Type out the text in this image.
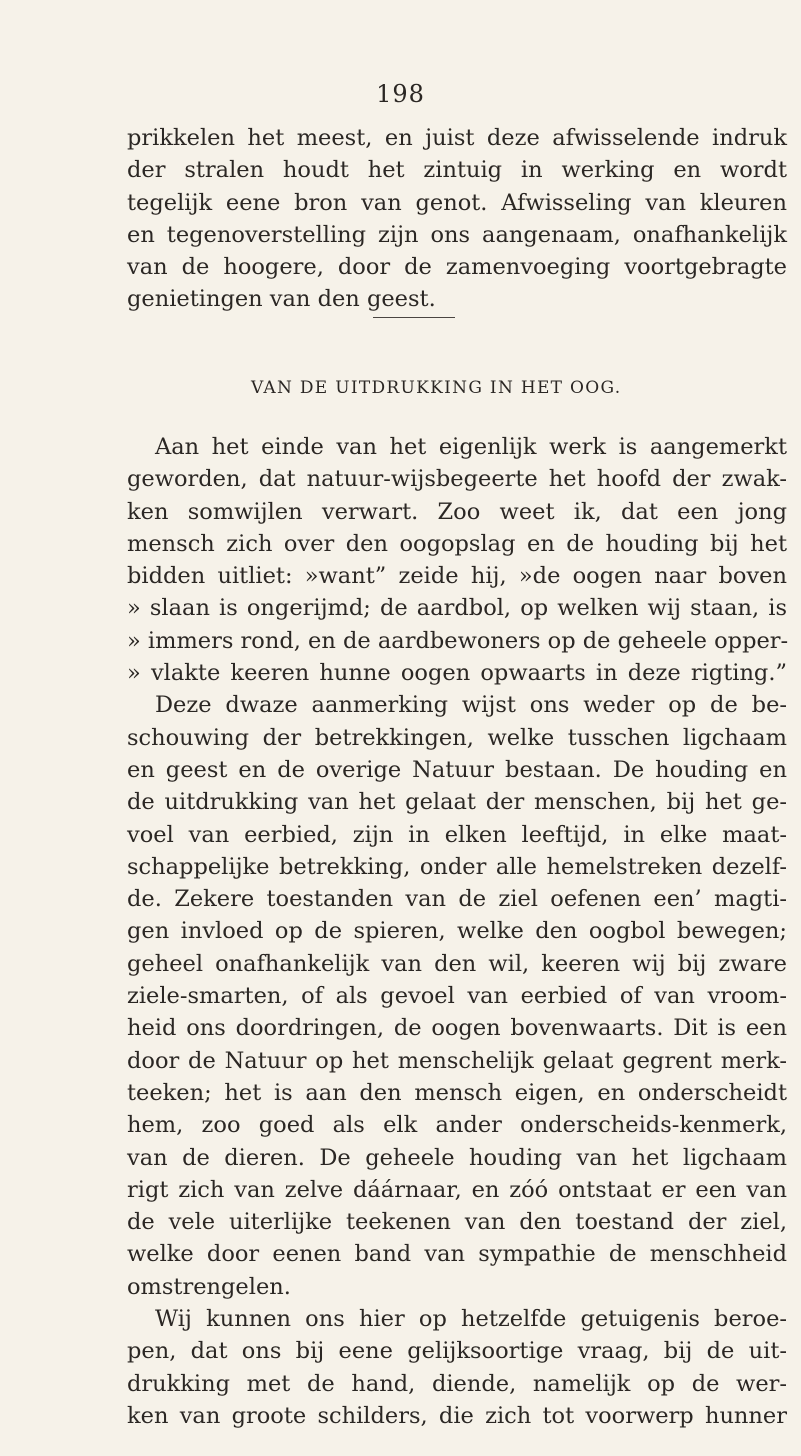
198
prikkelen het meest, en juist deze afwisselende indruk
der stralen houdt het zintuig in werking en wordt
tegelijk eene bron van genot. Afwisseling van kleuren
en tegenoverstelling zijn ons aangenaam, onafhankelijk
van de hoogere, door de zamenvoeging voortgebragte
genietingen van den geest.
VAN DE UITDRUKKING IN HET OOG.
Aan het einde van het eigenlijk werk is aangemerkt
geworden, dat natuur-wijsbegeerte het hoofd der zwak-
ken somwijlen verwart. Zoo weet ik, dat een jong
mensch zich over den oogopslag en de houding bij het
bidden uitliet: »want” zeide hij, »de oogen naar boven
» slaan is ongerijmd; de aardbol, op welken wij staan, is
» immers rond, en de aardbewoners op de geheele opper-
» vlakte keeren hunne oogen opwaarts in deze rigting.”
Deze dwaze aanmerking wijst ons weder op de be-
schouwing der betrekkingen, welke tusschen ligchaam
en geest en de overige Natuur bestaan. De houding en
de uitdrukking van het gelaat der menschen, bij het ge-
voel van eerbied, zijn in elken leeftijd, in elke maat-
schappelijke betrekking, onder alle hemelstreken dezelf-
de. Zekere toestanden van de ziel oefenen een’ magti-
gen invloed op de spieren, welke den oogbol bewegen;
geheel onafhankelijk van den wil, keeren wij bij zware
ziele-smarten, of als gevoel van eerbied of van vroom-
heid ons doordringen, de oogen bovenwaarts. Dit is een
door de Natuur op het menschelijk gelaat gegrent merk-
teeken; het is aan den mensch eigen, en onderscheidt
hem, zoo goed als elk ander onderscheids-kenmerk,
van de dieren. De geheele houding van het ligchaam
rigt zich van zelve dáárnaar, en zóó ontstaat er een van
de vele uiterlijke teekenen van den toestand der ziel,
welke door eenen band van sympathie de menschheid
omstrengelen.
Wij kunnen ons hier op hetzelfde getuigenis beroe-
pen, dat ons bij eene gelijksoortige vraag, bij de uit-
drukking met de hand, diende, namelijk op de wer-
ken van groote schilders, die zich tot voorwerp hunner
